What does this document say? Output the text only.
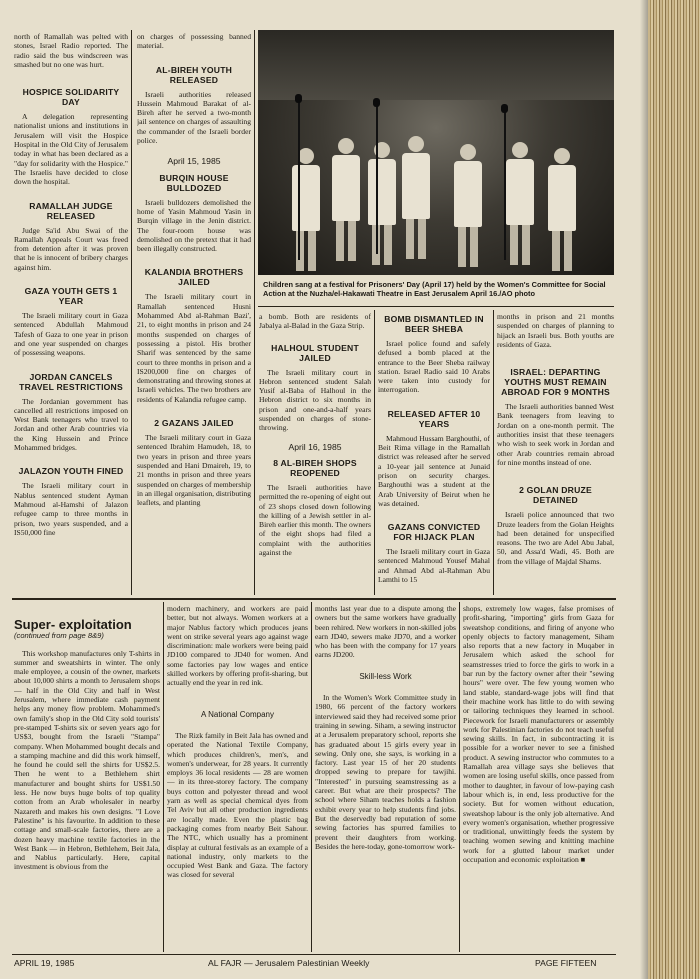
north of Ramallah was pelted with stones, Israel Radio reported. The radio said the bus windscreen was smashed but no one was hurt.

HOSPICE SOLIDARITY DAY

A delegation representing nationalist unions and institutions in Jerusalem will visit the Hospice Hospital in the Old City of Jerusalem today in what has been declared as a "day for solidarity with the Hospice." The Israelis have decided to close down the hospital.

RAMALLAH JUDGE RELEASED

Judge Sa'id Abu Swai of the Ramallah Appeals Court was freed from detention after it was proven that he is innocent of bribery charges against him.

GAZA YOUTH GETS 1 YEAR

The Israeli military court in Gaza sentenced Abdullah Mahmoud Tafesh of Gaza to one year in prison and one year suspended on charges of possessing weapons.

JORDAN CANCELS TRAVEL RESTRICTIONS

The Jordanian government has cancelled all restrictions imposed on West Bank teenagers who travel to Jordan and other Arab countries via the King Hussein and Prince Mohammed bridges.

JALAZON YOUTH FINED

The Israeli military court in Nablus sentenced student Ayman Mahmoud al-Hamshi of Jalazon refugee camp to three months in prison, two years suspended, and a IS50,000 fine

on charges of possessing banned material.

AL-BIREH YOUTH RELEASED

Israeli authorities released Hussein Mahmoud Barakat of al-Bireh after he served a two-month jail sentence on charges of assaulting the commander of the Israeli border police.

April 15, 1985
BURQIN HOUSE BULLDOZED

Israeli bulldozers demolished the home of Yasin Mahmoud Yasin in Burqin village in the Jenin district. The four-room house was demolished on the pretext that it had been illegally constructed.

KALANDIA BROTHERS JAILED

The Israeli military court in Ramallah sentenced Husni Mohammed Abd al-Rahman Bazi', 21, to eight months in prison and 24 months suspended on charges of possessing a pistol. His brother Sharif was sentenced by the same court to three months in prison and a IS200,000 fine on charges of demonstrating and throwing stones at Israeli vehicles. The two brothers are residents of Kalandia refugee camp.

2 GAZANS JAILED

The Israeli military court in Gaza sentenced Ibrahim Hamudeh, 18, to two years in prison and three years suspended and Hani Dmaireh, 19, to 21 months in prison and three years suspended on charges of membership in an illegal organisation, distributing leaflets, and planting

Children sang at a festival for Prisoners' Day (April 17) held by the Women's Committee for Social Action at the Nuzha/el-Hakawati Theatre in East Jerusalem April 16./AO photo

a bomb. Both are residents of Jabalya al-Balad in the Gaza Strip.

HALHOUL STUDENT JAILED

The Israeli military court in Hebron sentenced student Salah Yusif al-Baba of Halhoul in the Hebron district to six months in prison and one-and-a-half years suspended on charges of stone-throwing.

April 16, 1985
8 AL-BIREH SHOPS REOPENED

The Israeli authorities have permitted the re-opening of eight out of 23 shops closed down following the killing of a Jewish settler in al-Bireh earlier this month. The owners of the eight shops had filed a complaint with the authorities against the

BOMB DISMANTLED IN BEER SHEBA

Israel police found and safely defused a bomb placed at the entrance to the Beer Sheba railway station. Israel Radio said 10 Arabs were taken into custody for interrogation.

RELEASED AFTER 10 YEARS

Mahmoud Hussam Barghouthi, of Beit Rima village in the Ramallah district was released after he served a 10-year jail sentence at Junaid prison on security charges. Barghouthi was a student at the Arab University of Beirut when he was detained.

GAZANS CONVICTED FOR HIJACK PLAN

The Israeli military court in Gaza sentenced Mahmoud Yousef Mahal and Ahmad Abd al-Rahman Abu Lamthi to 15

months in prison and 21 months suspended on charges of planning to hijack an Israeli bus. Both youths are residents of Gaza.

ISRAEL: DEPARTING YOUTHS MUST REMAIN ABROAD FOR 9 MONTHS

The Israeli authorities banned West Bank teenagers from leaving to Jordan on a one-month permit. The authorities insist that these teenagers who wish to seek work in Jordan and other Arab countries remain abroad for nine months instead of one.

2 GOLAN DRUZE DETAINED

Israeli police announced that two Druze leaders from the Golan Heights had been detained for unspecified reasons. The two are Adel Abu Jabal, 50, and Assa'd Wadi, 45. Both are from the village of Majdal Shams.

Super- exploitation
(continued from page 8&9)

This workshop manufactures only T-shirts in summer and sweatshirts in winter. The only male employee, a cousin of the owner, markets about 10,000 shirts a month to Jerusalem shops — half in the Old City and half in West Jerusalem, where immediate cash payment helps any money flow problem. Mohammed's own family's shop in the Old City sold tourists' pre-stamped T-shirts six or seven years ago for US$3, bought from the Israeli "Stampa" company. When Mohammed bought decals and a stamping machine and did this work himself, he found he could sell the shirts for US$2.5. Then he went to a Bethlehem shirt manufacturer and bought shirts for US$1.50 less. He now buys huge bolts of top quality cotton from an Arab wholesaler in nearby Nazareth and makes his own designs. "I Love Palestine" is his favourite. In addition to these cottage and small-scale factories, there are a dozen heavy machine textile factories in the West Bank — in Hebron, Bethlehem, Beit Jala, and Nablus particularly. Here, capital investment is obvious from the

modern machinery, and workers are paid better, but not always. Women workers at a major Nablus factory which produces jeans went on strike several years ago against wage discrimination: male workers were being paid JD100 compared to JD40 for women. And some factories pay low wages and entice skilled workers by offering profit-sharing, but actually end the year in red ink.

A National Company

The Rizk family in Beit Jala has owned and operated the National Textile Company, which produces children's, men's, and women's underwear, for 28 years. It currently employs 36 local residents — 28 are women — in its three-storey factory. The company buys cotton and polyester thread and wool yarn as well as special chemical dyes from Tel Aviv but all other production ingredients are locally made. Even the plastic bag packaging comes from nearby Beit Sahour. The NTC, which usually has a prominent display at cultural festivals as an example of a national industry, only markets to the occupied West Bank and Gaza. The factory was closed for several

months last year due to a dispute among the owners but the same workers have gradually been rehired. New workers in non-skilled jobs earn JD40, sewers make JD70, and a worker who has been with the company for 17 years earns JD200.

Skill-less Work

In the Women's Work Committee study in 1980, 66 percent of the factory workers interviewed said they had received some prior training in sewing. Siham, a sewing instructor at a Jerusalem preparatory school, reports she has graduated about 15 girls every year in sewing. Only one, she says, is working in a factory. Last year 15 of her 20 students dropped sewing to prepare for tawjihi. "Interested" in pursuing seamstressing as a career. But what are their prospects? The school where Siham teaches holds a fashion exhibit every year to help students find jobs. But the deservedly bad reputation of some sewing factories has spurred families to prevent their daughters from working. Besides the here-today, gone-tomorrow work-

shops, extremely low wages, false promises of profit-sharing, "importing" girls from Gaza for sweatshop conditions, and firing of anyone who openly objects to factory management, Siham also reports that a new factory in Muqaber in Jerusalem which asked the school for seamstresses tried to force the girls to work in a bar run by the factory owner after their "sewing hours" were over. The few young women who land stable, standard-wage jobs will find that their machine work has little to do with sewing or tailoring techniques they learned in school. Piecework for Israeli manufacturers or assembly work for Palestinian factories do not teach useful sewing skills. In fact, in subcontracting it is possible for a worker never to see a finished product. A sewing instructor who commutes to a Ramallah area village says she believes that women are losing useful skills, once passed from mother to daughter, in favour of low-paying cash labour which is, in end, less productive for the society. But for women without education, sweatshop labour is the only job alternative. And every women's organisation, whether progressive or traditional, unwittingly feeds the system by teaching women sewing and knitting machine work for a glutted labour market under occupation and economic exploitation ■

APRIL 19, 1985	AL FAJR — Jerusalem Palestinian Weekly	PAGE FIFTEEN
